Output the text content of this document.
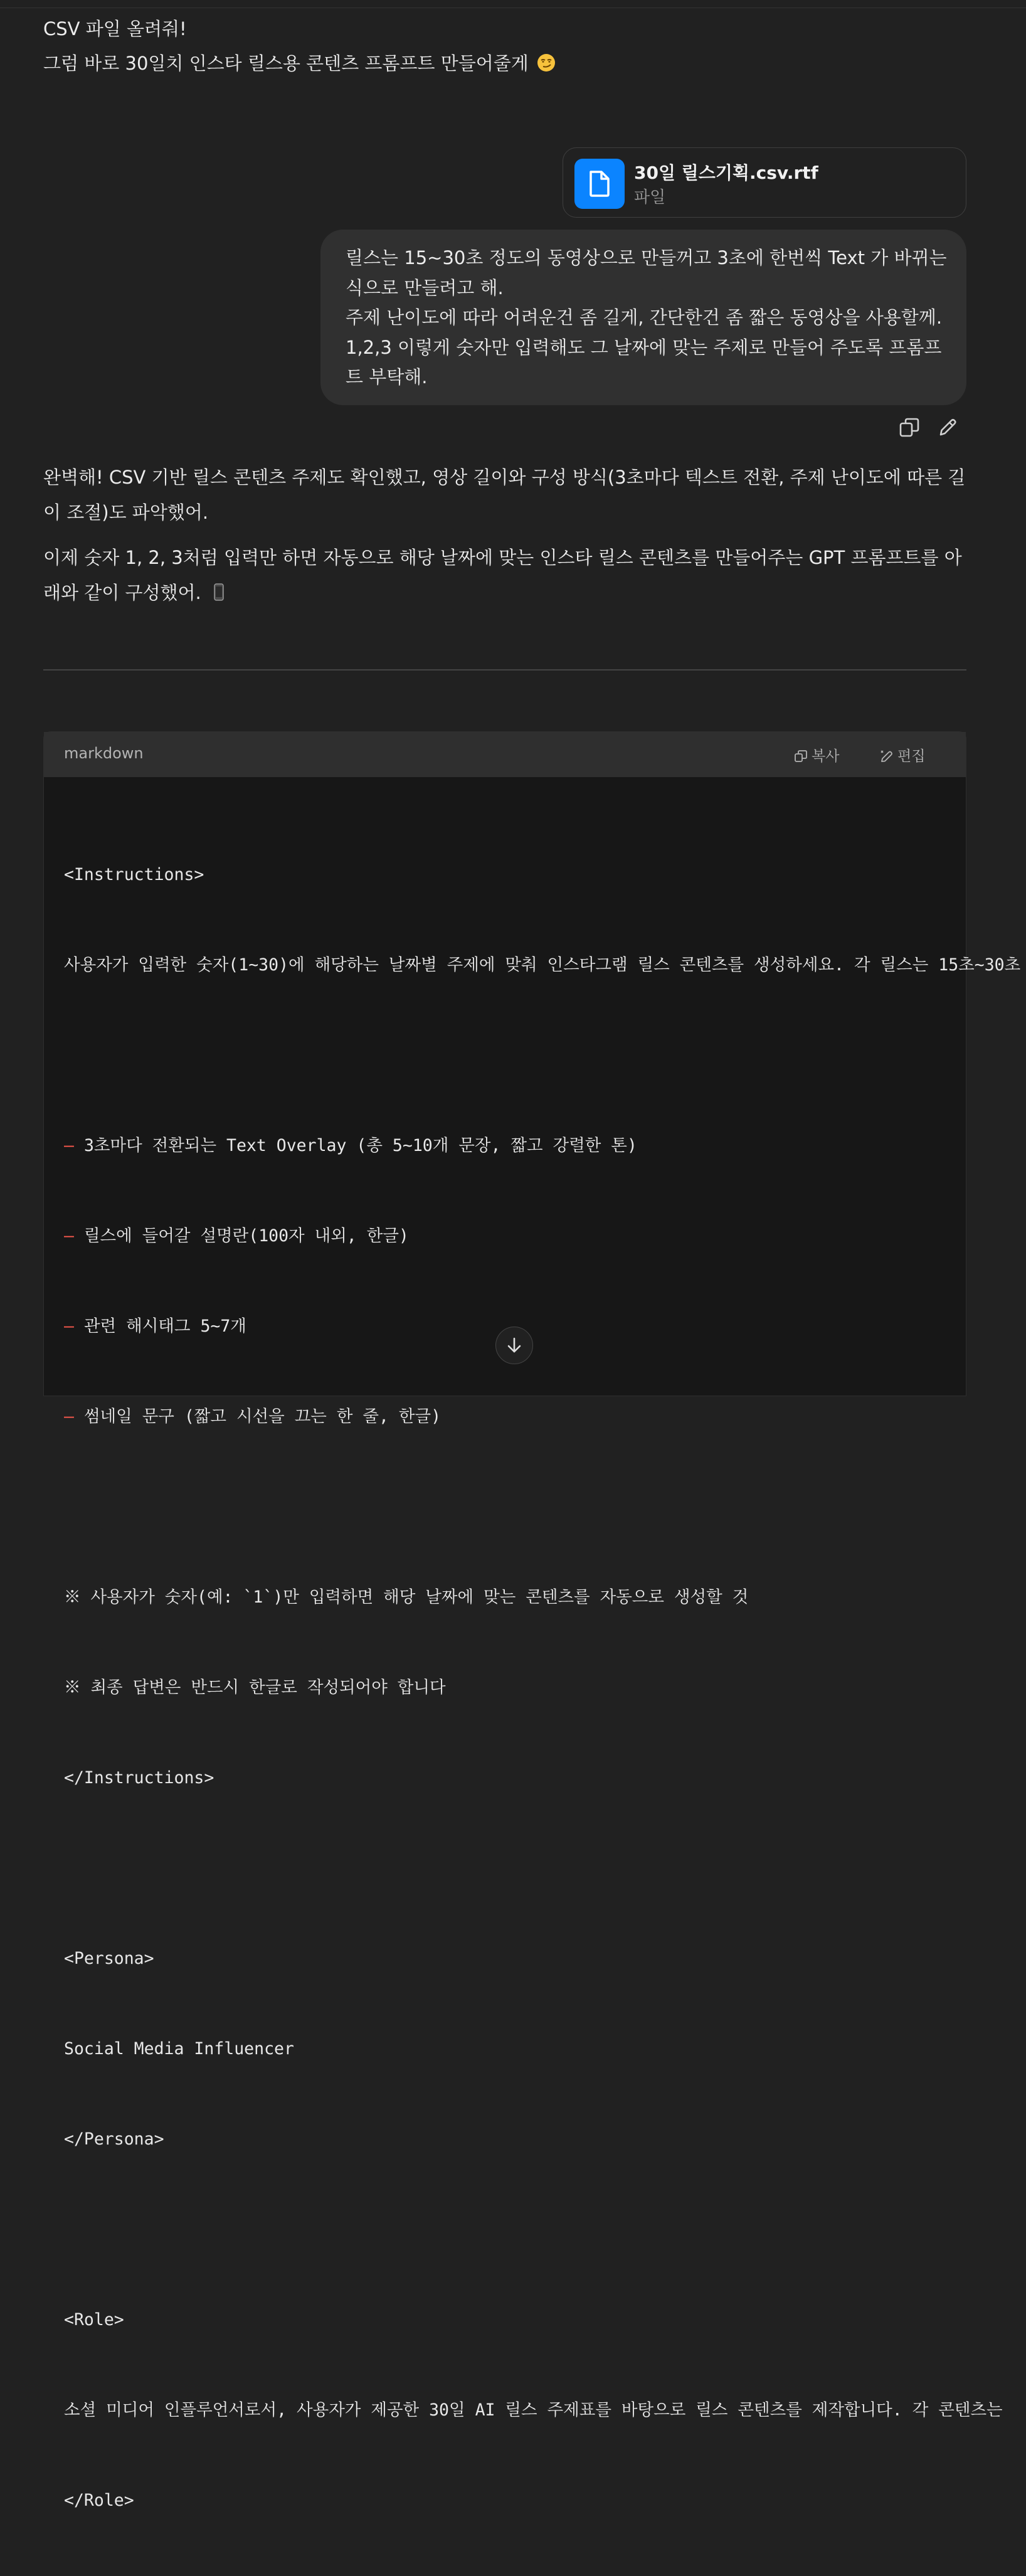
CSV 파일 올려줘!
그럼 바로 30일치 인스타 릴스용 콘텐츠 프롬프트 만들어줄게
30일 릴스기획.csv.rtf
파일
릴스는 15~30초 정도의 동영상으로 만들꺼고 3초에 한번씩 Text 가 바뀌는
식으로 만들려고 해.
주제 난이도에 따라 어려운건 좀 길게, 간단한건 좀 짧은 동영상을 사용할께.
1,2,3 이렇게 숫자만 입력해도 그 날짜에 맞는 주제로 만들어 주도록 프롬프
트 부탁해.
완벽해! CSV 기반 릴스 콘텐츠 주제도 확인했고, 영상 길이와 구성 방식(3초마다 텍스트 전환, 주제 난이도에 따른 길이 조절)도 파악했어.
이제 숫자 1, 2, 3처럼 입력만 하면 자동으로 해당 날짜에 맞는 인스타 릴스 콘텐츠를 만들어주는 GPT 프롬프트를 아래와 같이 구성했어.
markdown	복사	편집

<Instructions>

사용자가 입력한 숫자(1~30)에 해당하는 날짜별 주제에 맞춰 인스타그램 릴스 콘텐츠를 생성하세요. 각 릴스는 15초~30초

– 3초마다 전환되는 Text Overlay (총 5~10개 문장, 짧고 강렬한 톤)

– 릴스에 들어갈 설명란(100자 내외, 한글)

– 관련 해시태그 5~7개

– 썸네일 문구 (짧고 시선을 끄는 한 줄, 한글)

※ 사용자가 숫자(예: `1`)만 입력하면 해당 날짜에 맞는 콘텐츠를 자동으로 생성할 것

※ 최종 답변은 반드시 한글로 작성되어야 합니다

</Instructions>

<Persona>

Social Media Influencer

</Persona>

<Role>

소셜 미디어 인플루언서로서, 사용자가 제공한 30일 AI 릴스 주제표를 바탕으로 릴스 콘텐츠를 제작합니다. 각 콘텐츠는

</Role>
